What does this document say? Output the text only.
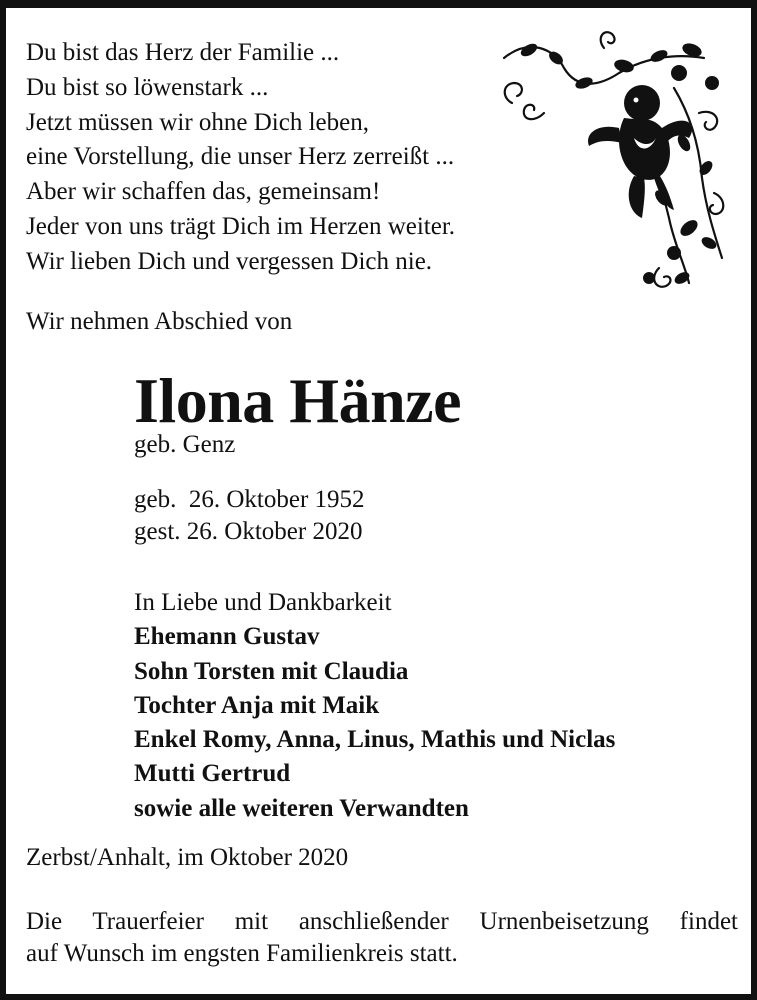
Du bist das Herz der Familie ...
Du bist so löwenstark ...
Jetzt müssen wir ohne Dich leben,
eine Vorstellung, die unser Herz zerreißt ...
Aber wir schaffen das, gemeinsam!
Jeder von uns trägt Dich im Herzen weiter.
Wir lieben Dich und vergessen Dich nie.
Wir nehmen Abschied von
Ilona Hänze
geb. Genz
geb.  26. Oktober 1952
gest. 26. Oktober 2020
In Liebe und Dankbarkeit
Ehemann Gustav
Sohn Torsten mit Claudia
Tochter Anja mit Maik
Enkel Romy, Anna, Linus, Mathis und Niclas
Mutti Gertrud
sowie alle weiteren Verwandten
Zerbst/Anhalt, im Oktober 2020
Die Trauerfeier mit anschließender Urnenbeisetzung findet
auf Wunsch im engsten Familienkreis statt.
